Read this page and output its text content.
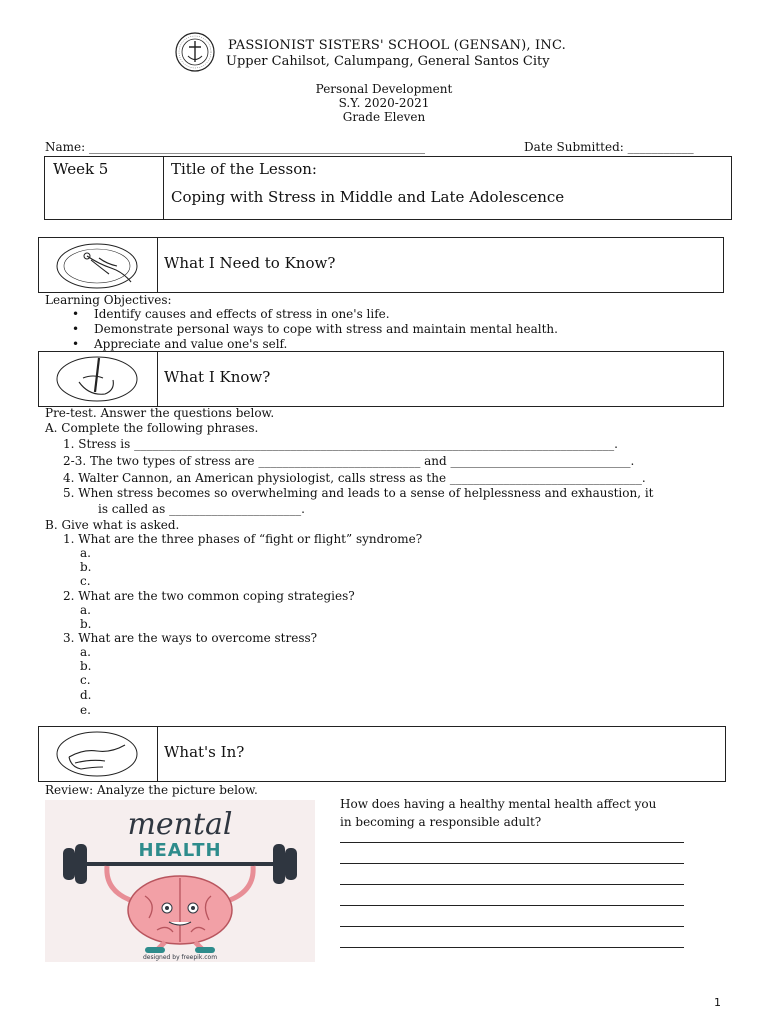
PASSIONIST SISTERS' SCHOOL (GENSAN), INC.
Upper Cahilsot, Calumpang, General Santos City
Personal Development
S.Y. 2020-2021
Grade Eleven
Name: ________________________________________________________	Date Submitted: ___________
Week 5	Title of the Lesson:
Coping with Stress in Middle and Late Adolescence
What I Need to Know?
Learning Objectives:
• Identify causes and effects of stress in one's life.
• Demonstrate personal ways to cope with stress and maintain mental health.
• Appreciate and value one's self.
What I Know?
Pre-test. Answer the questions below.
A. Complete the following phrases.
1. Stress is ________________________________________________________________________________.
2-3. The two types of stress are ___________________________ and ______________________________.
4. Walter Cannon, an American physiologist, calls stress as the ________________________________.
5. When stress becomes so overwhelming and leads to a sense of helplessness and exhaustion, it
is called as ______________________.
B. Give what is asked.
1. What are the three phases of “fight or flight” syndrome?
a.
b.
c.
2. What are the two common coping strategies?
a.
b.
3. What are the ways to overcome stress?
a.
b.
c.
d.
e.
What's In?
Review: Analyze the picture below.
mental
HEALTH
designed by freepik.com
How does having a healthy mental health affect you
in becoming a responsible adult?
1
